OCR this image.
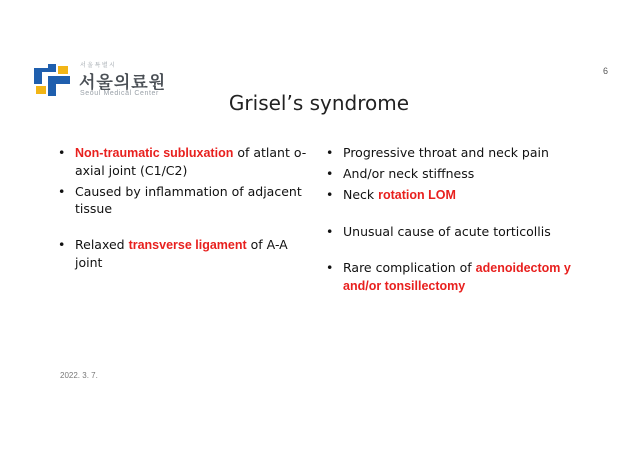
서울특별시
서울의료원
Seoul Medical Center
6
Grisel’s syndrome
• Non-traumatic subluxation of atlant o-axial joint (C1/C2)
• Caused by inflammation of adjacent tissue
• Relaxed transverse ligament of A-A joint
• Progressive throat and neck pain
• And/or neck stiffness
• Neck rotation LOM
• Unusual cause of acute torticollis
• Rare complication of adenoidectom y and/or tonsillectomy
2022. 3. 7.
